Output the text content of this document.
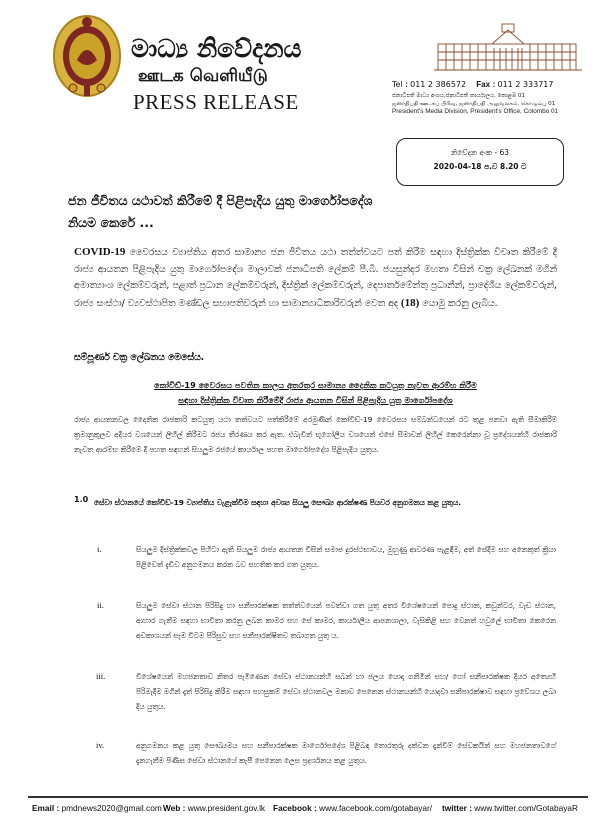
මාධ්‍ය නිවේදනය
ஊடக வெளியீடு
PRESS RELEASE
Tel : 011 2 386572 Fax : 011 2 333717
ජනාධිපති මාධ්‍ය අංශය,ජනාධිපති කාර්යාලය, කොළඹ 01
ஜனாதிபதி ஊடகப் பிரிவு, ஜனாதிபதி அலுவலகம், கொழும்பு 01
President's Media Division, President's Office, Colombo 01
නිවේදන අංක - 63
2020-04-18 ප.ව 8.20 ට
ජන ජීවිතය යථාවත් කිරීමේ දී පිළිපැදිය යුතු මාර්ගෝපදේශ
නියම කෙරේ ...
COVID-19 වෛරසය ව්‍යාප්තිය අතර සාමාන්‍ය ජන ජීවිතය යථා තත්ත්වයට පත් කිරීම සඳහා දිස්ත්‍රික්ක විවෘත කිරීමේ දී රාජ්‍ය ආයතන පිළිපැදිය යුතු මාර්ගෝපදේශ මාලාවක් ජනාධිපති ලේකම් පී.බී. ජයසුන්දර මහතා විසින් චක්‍ර ලේඛනක් මගින් අමාත්‍යාංශ ලේකම්වරුන්, පළාත් ප්‍රධාන ලේකම්වරුන්, දිස්ත්‍රික් ලේකම්වරුන්, දෙපාර්තමේන්තු ප්‍රධානීන්, ප්‍රාදේශීය ලේකම්වරුන්, රාජ්‍ය සංස්ථා/ ව්‍යවස්ථාපිත මණ්ඩල සභාපතිවරුන් හා සාමාන්‍යාධිකාරිවරුන් වෙත අද (18) යොමු කරනු ලැබීය.
සම්පූර්ණ චක්‍ර ලේඛනය මෙසේය.
කෝවිඩ්-19 වෛරසය පවතින කාලය අතරතුර සාමාන්‍ය දෛනික කටයුතු නැවත ආරම්භ කිරීම
සඳහා දිස්ත්‍රික්ක විවෘත කිරීමේදී රාජ්‍ය ආයතන විසින් පිළිපැදිය යුතු මාර්ගෝපදේශ
රාජ්‍ය ආයතනවල දෛනික රාජකාරි කටයුතු යථා තත්වයට පත්කිරීමේ අරමුණින් කෝවිඩ්-19 වෛරසය සම්බන්ධයෙන් රට තුළ පනවා ඇති සීමාකිරීම් ක්‍රමානුකූලව අදියර වශයෙන් ලිහිල් කිරීමට රජය තීරණය කර ඇත. එබැවින් භූගෝලීය වශයෙන් එසේ සීමාවන් ලිහිල් කෙරෙන්නා වූ ප්‍රදේශයන්හි රාජකාරි නැවත ආරම්භ කිරීමේ දී පහත සඳහන් සියලුම රජයේ කාර්යාල පහත මාර්ගෝපදේශ පිළිපැදිය යුතුය.
1.0 සේවා ස්ථානයේ කෝවිඩ්-19 ව්‍යාප්තිය වැළැක්වීම සඳහා අවශ්‍ය සියලු සෞඛ්‍ය ආරක්ෂණ පියවර අනුගමනය කළ යුතුය.
i.	සියලුම දිස්ත්‍රික්කවල පිහිටා ඇති සියලුම රාජ්‍ය ආයතන විසින් සමාජ දුරස්ථභාවය, මුහුණු ආවරණ පැළඳීම, අත් සේදීම සහ අනෙකුත් ක්‍රියා පිළිවෙත් දැඩිව අනුගමනය කරන බව සහතික කර ගත යුතුය.
ii.	සියලුම සේවා ස්ථාන පිරිසිදු හා සනීපාරක්ෂක තත්ත්වයෙන් පවත්වා ගත යුතු අතර විශේෂයෙන් පොදු ස්ථාන, කවුන්ටර, වැඩ ස්ථාන, ආහාර ගැනීම සඳහා භාවිතා කරනු ලබන කාමර සහ සේ කාමර, කාර්යාලීය ආපනශාලා, වැසිකිළි සහ වෙනත් හවුලේ භාවිතා කෙරෙන අවකාශයන් සෑම විටම පිරිසුව සහ සනීපාරක්ෂිතව තබාගත යුතු ය.
iii.	විශේෂයෙන් මහජනතාව නිතර පැමිණෙන සේවා ස්ථානයන්හි සබන් හා ජලය යොදා ගනිමින් සහ/ හෝ සනීපාරක්ෂක දියර අත්‍යෙහි පිරිමැදීම මගින් දෑත් පිරිසිදු කිරීම සඳහා පහසුකම් සේවා ස්ථානවල මනාව පෙනෙන ස්ථානයන්හි යොදවා සනීපාරක්ෂාව සඳහා ප්‍රවේශය ලබා දිය යුතුය.
iv.	අනුගමනය කළ යුතු සෞඛ්‍යමය සහ සනීපාරක්ෂක මාර්ගෝපදේශ පිළිබඳ තොරතුරු දක්වන දැන්වීම් සේවකයින් සහ මහජනතාවගේ දැනගැනීම පිණිස සේවා ස්ථානයේ කැපී පෙනෙන ලෙස ප්‍රදර්ශනය කළ යුතුය.
Email : pmdnews2020@gmail.com Web : www.president.gov.lk Facebook : www.facebook.com/gotabayar/ twitter : www.twitter.com/GotabayaR
